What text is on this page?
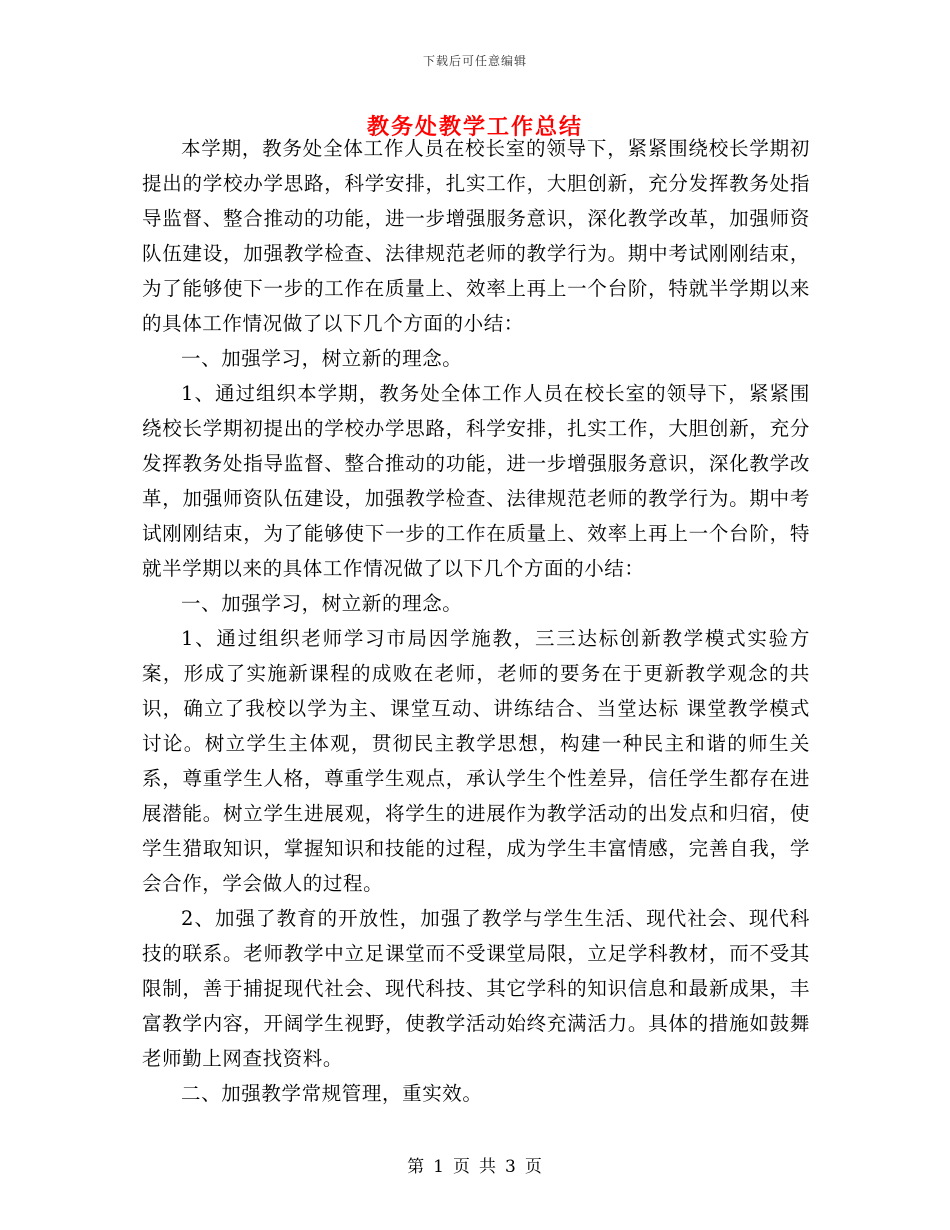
下载后可任意编辑
教务处教学工作总结

本学期，教务处全体工作人员在校长室的领导下，紧紧围绕校长学期初提出的学校办学思路，科学安排，扎实工作，大胆创新，充分发挥教务处指导监督、整合推动的功能，进一步增强服务意识，深化教学改革，加强师资队伍建设，加强教学检查、法律规范老师的教学行为。期中考试刚刚结束，为了能够使下一步的工作在质量上、效率上再上一个台阶，特就半学期以来的具体工作情况做了以下几个方面的小结：

一、加强学习，树立新的理念。

1、通过组织本学期，教务处全体工作人员在校长室的领导下，紧紧围绕校长学期初提出的学校办学思路，科学安排，扎实工作，大胆创新，充分发挥教务处指导监督、整合推动的功能，进一步增强服务意识，深化教学改革，加强师资队伍建设，加强教学检查、法律规范老师的教学行为。期中考试刚刚结束，为了能够使下一步的工作在质量上、效率上再上一个台阶，特就半学期以来的具体工作情况做了以下几个方面的小结：

一、加强学习，树立新的理念。

1、通过组织老师学习市局因学施教，三三达标创新教学模式实验方案，形成了实施新课程的成败在老师，老师的要务在于更新教学观念的共识，确立了我校以学为主、课堂互动、讲练结合、当堂达标 课堂教学模式讨论。树立学生主体观，贯彻民主教学思想，构建一种民主和谐的师生关系，尊重学生人格，尊重学生观点，承认学生个性差异，信任学生都存在进展潜能。树立学生进展观，将学生的进展作为教学活动的出发点和归宿，使学生猎取知识，掌握知识和技能的过程，成为学生丰富情感，完善自我，学会合作，学会做人的过程。

2、加强了教育的开放性，加强了教学与学生生活、现代社会、现代科技的联系。老师教学中立足课堂而不受课堂局限，立足学科教材，而不受其限制，善于捕捉现代社会、现代科技、其它学科的知识信息和最新成果，丰富教学内容，开阔学生视野，使教学活动始终充满活力。具体的措施如鼓舞老师勤上网查找资料。

二、加强教学常规管理，重实效。

第 1 页 共 3 页
